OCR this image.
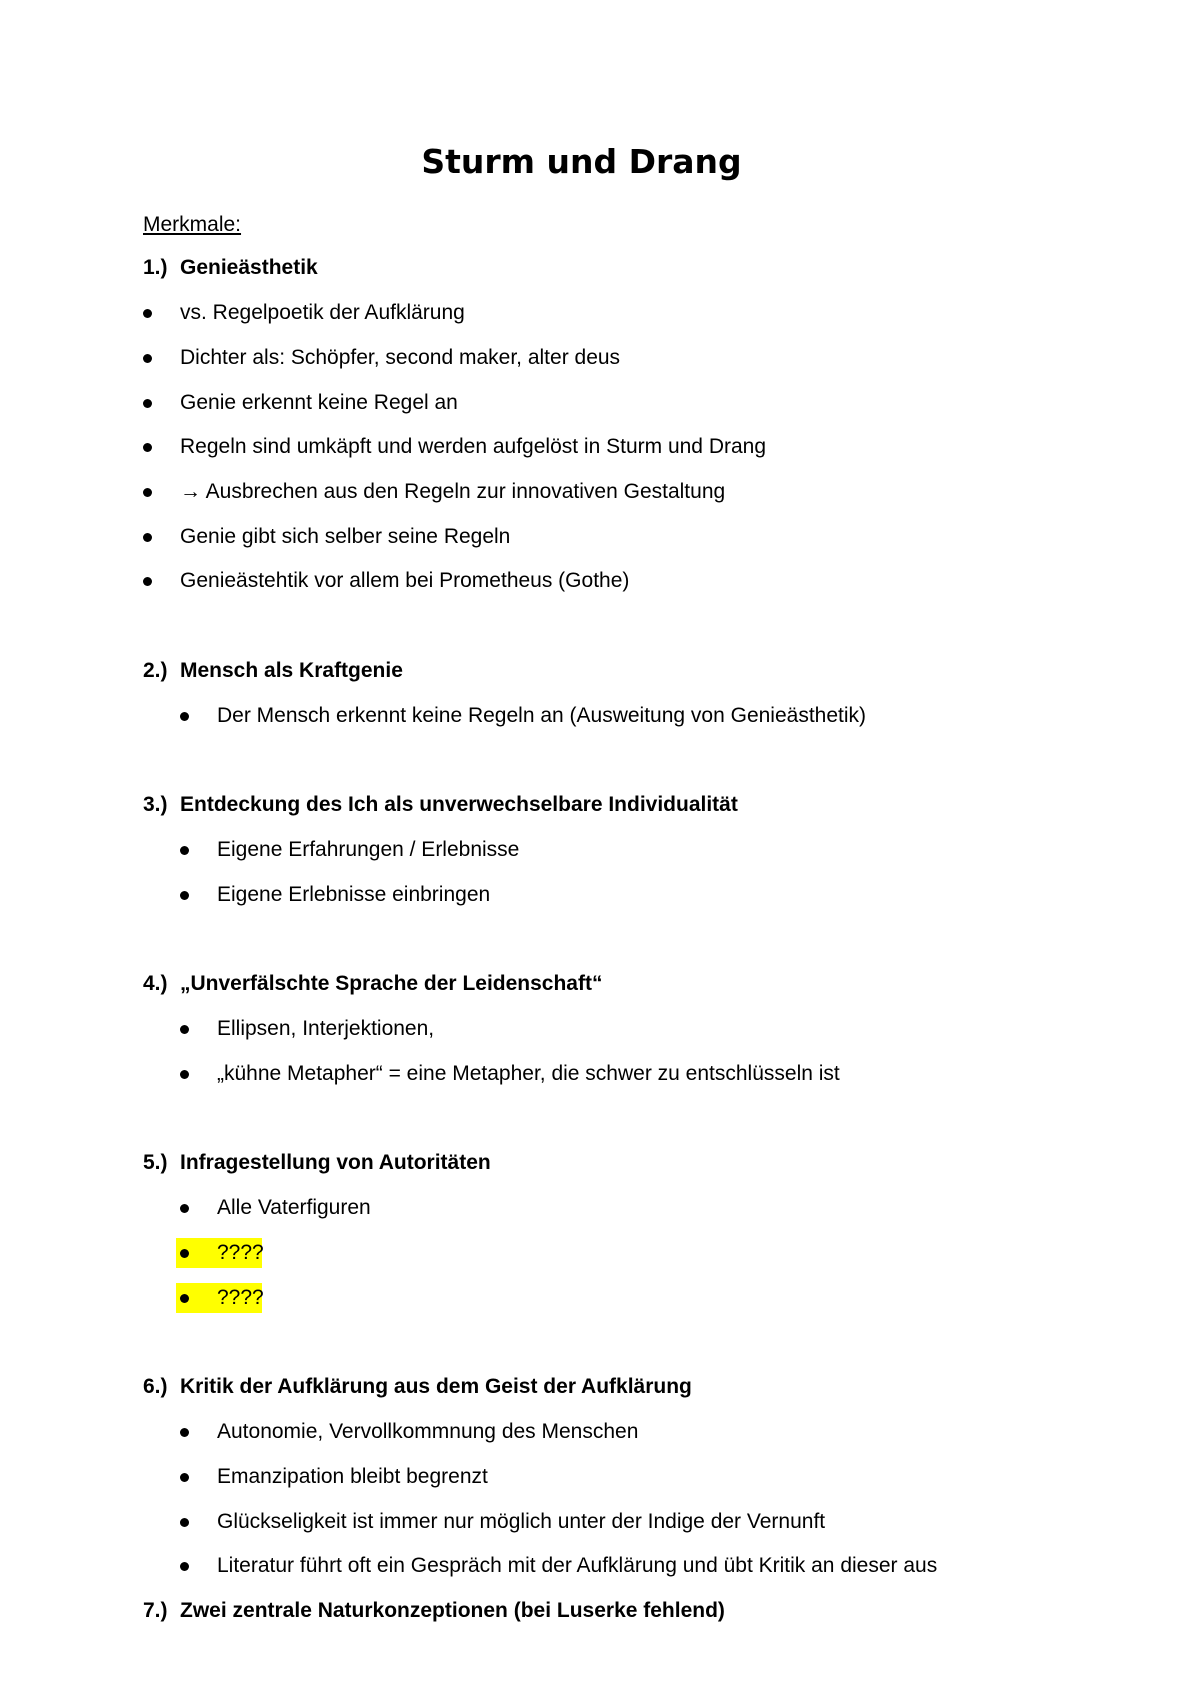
Sturm und Drang
Merkmale:
1.) Genieästhetik
vs. Regelpoetik der Aufklärung
Dichter als: Schöpfer, second maker, alter deus
Genie erkennt keine Regel an
Regeln sind umkäpft und werden aufgelöst in Sturm und Drang
→ Ausbrechen aus den Regeln zur innovativen Gestaltung
Genie gibt sich selber seine Regeln
Genieästehtik vor allem bei Prometheus (Gothe)
2.) Mensch als Kraftgenie
Der Mensch erkennt keine Regeln an (Ausweitung von Genieästhetik)
3.) Entdeckung des Ich als unverwechselbare Individualität
Eigene Erfahrungen / Erlebnisse
Eigene Erlebnisse einbringen
4.) „Unverfälschte Sprache der Leidenschaft“
Ellipsen, Interjektionen,
„kühne Metapher“ = eine Metapher, die schwer zu entschlüsseln ist
5.) Infragestellung von Autoritäten
Alle Vaterfiguren
????
????
6.) Kritik der Aufklärung aus dem Geist der Aufklärung
Autonomie, Vervollkommnung des Menschen
Emanzipation bleibt begrenzt
Glückseligkeit ist immer nur möglich unter der Indige der Vernunft
Literatur führt oft ein Gespräch mit der Aufklärung und übt Kritik an dieser aus
7.) Zwei zentrale Naturkonzeptionen (bei Luserke fehlend)
